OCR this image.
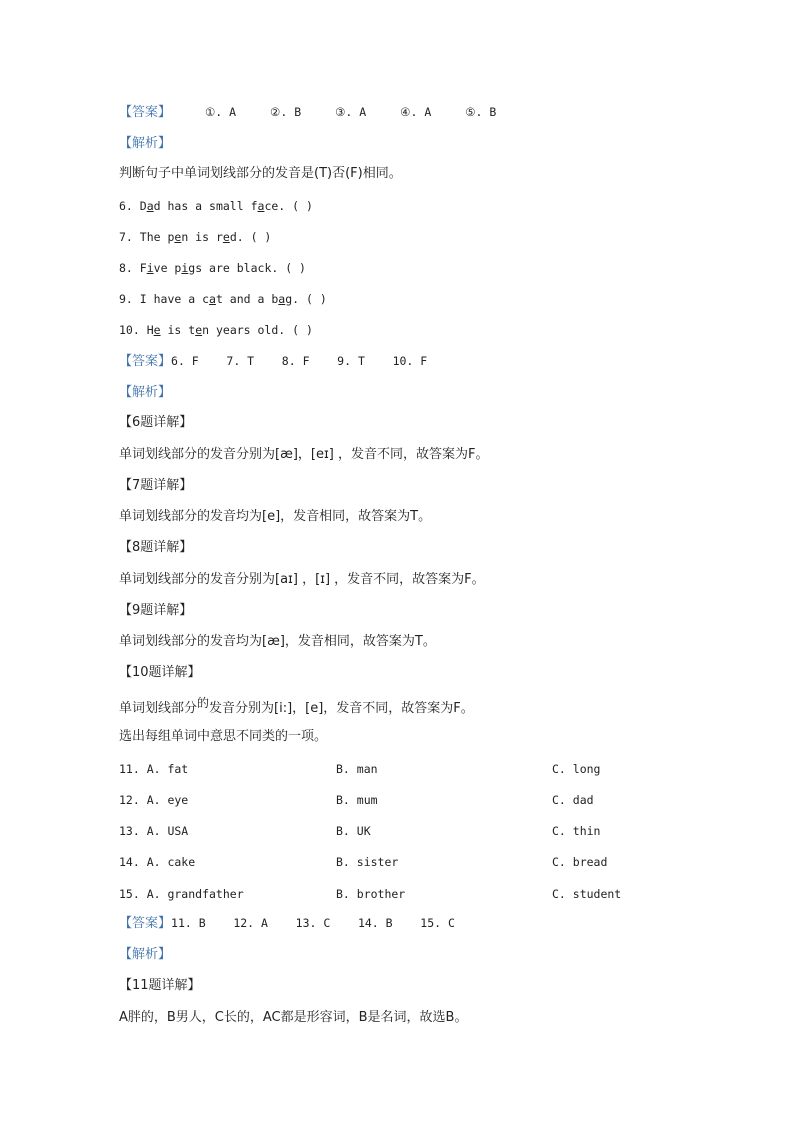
【答案】	①. A	②. B	③. A	④. A	⑤. B
【解析】
判断句子中单词划线部分的发音是(T)否(F)相同。
6. Dad has a small face. ( )
7. The pen is red. ( )
8. Five pigs are black. ( )
9. I have a cat and a bag. ( )
10. He is ten years old. ( )
【答案】6. F    7. T    8. F    9. T    10. F
【解析】
【6题详解】
单词划线部分的发音分别为[æ]，[eɪ] ，发音不同，故答案为F。
【7题详解】
单词划线部分的发音均为[e]，发音相同，故答案为T。
【8题详解】
单词划线部分的发音分别为[aɪ] ，[ɪ] ，发音不同，故答案为F。
【9题详解】
单词划线部分的发音均为[æ]，发音相同，故答案为T。
【10题详解】
单词划线部分的发音分别为[i:]，[e]，发音不同，故答案为F。
选出每组单词中意思不同类的一项。
11. A. fat	B. man	C. long
12. A. eye	B. mum	C. dad
13. A. USA	B. UK	C. thin
14. A. cake	B. sister	C. bread
15. A. grandfather	B. brother	C. student
【答案】11. B    12. A    13. C    14. B    15. C
【解析】
【11题详解】
A胖的，B男人，C长的，AC都是形容词，B是名词，故选B。
